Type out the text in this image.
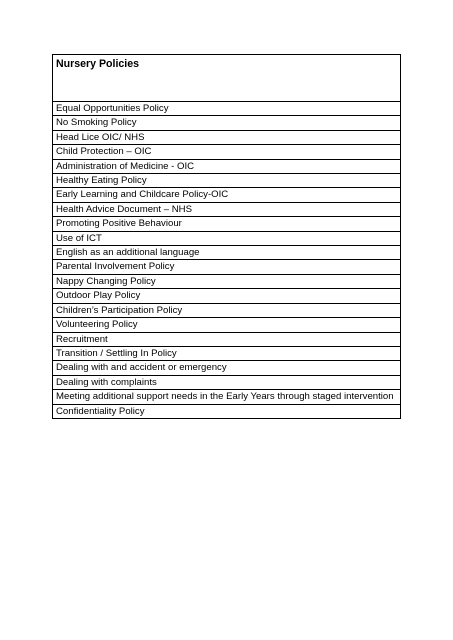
Nursery Policies
Equal Opportunities Policy
No Smoking Policy
Head Lice OIC/ NHS
Child Protection – OIC
Administration of Medicine - OIC
Healthy Eating Policy
Early Learning and Childcare Policy-OIC
Health Advice Document – NHS
Promoting Positive Behaviour
Use of ICT
English as an additional language
Parental Involvement Policy
Nappy Changing Policy
Outdoor Play Policy
Children’s Participation Policy
Volunteering Policy
Recruitment
Transition / Settling In Policy
Dealing with and accident or emergency
Dealing with complaints
Meeting additional support needs in the Early Years through staged intervention
Confidentiality Policy
